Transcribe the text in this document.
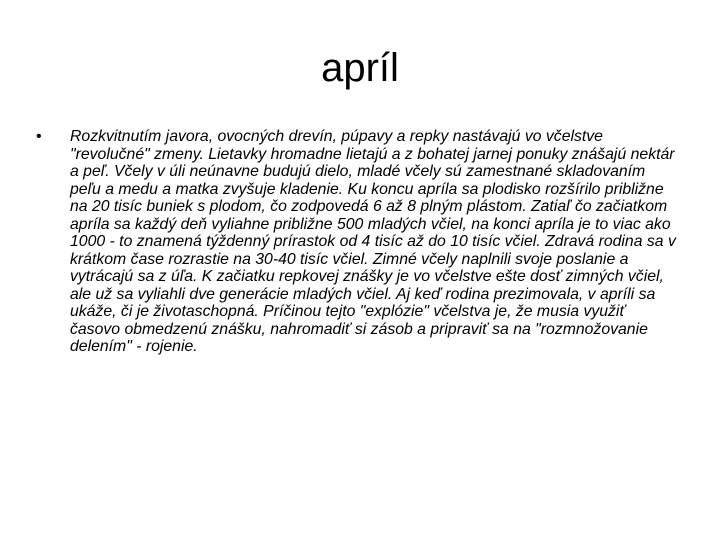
apríl
• Rozkvitnutím javora, ovocných drevín, púpavy a repky nastávajú vo včelstve "revolučné" zmeny. Lietavky hromadne lietajú a z bohatej jarnej ponuky znášajú nektár a peľ. Včely v úli neúnavne budujú dielo, mladé včely sú zamestnané skladovaním peľu a medu a matka zvyšuje kladenie. Ku koncu apríla sa plodisko rozšírilo približne na 20 tisíc buniek s plodom, čo zodpovedá 6 až 8 plným plástom. Zatiaľ čo začiatkom apríla sa každý deň vyliahne približne 500 mladých včiel, na konci apríla je to viac ako 1000 - to znamená týždenný prírastok od 4 tisíc až do 10 tisíc včiel. Zdravá rodina sa v krátkom čase rozrastie na 30-40 tisíc včiel. Zimné včely naplnili svoje poslanie a vytrácajú sa z úľa. K začiatku repkovej znášky je vo včelstve ešte dosť zimných včiel, ale už sa vyliahli dve generácie mladých včiel. Aj keď rodina prezimovala, v apríli sa ukáže, či je životaschopná. Príčinou tejto "explózie" včelstva je, že musia využiť časovo obmedzenú znášku, nahromadiť si zásob a pripraviť sa na "rozmnožovanie delením" - rojenie.
